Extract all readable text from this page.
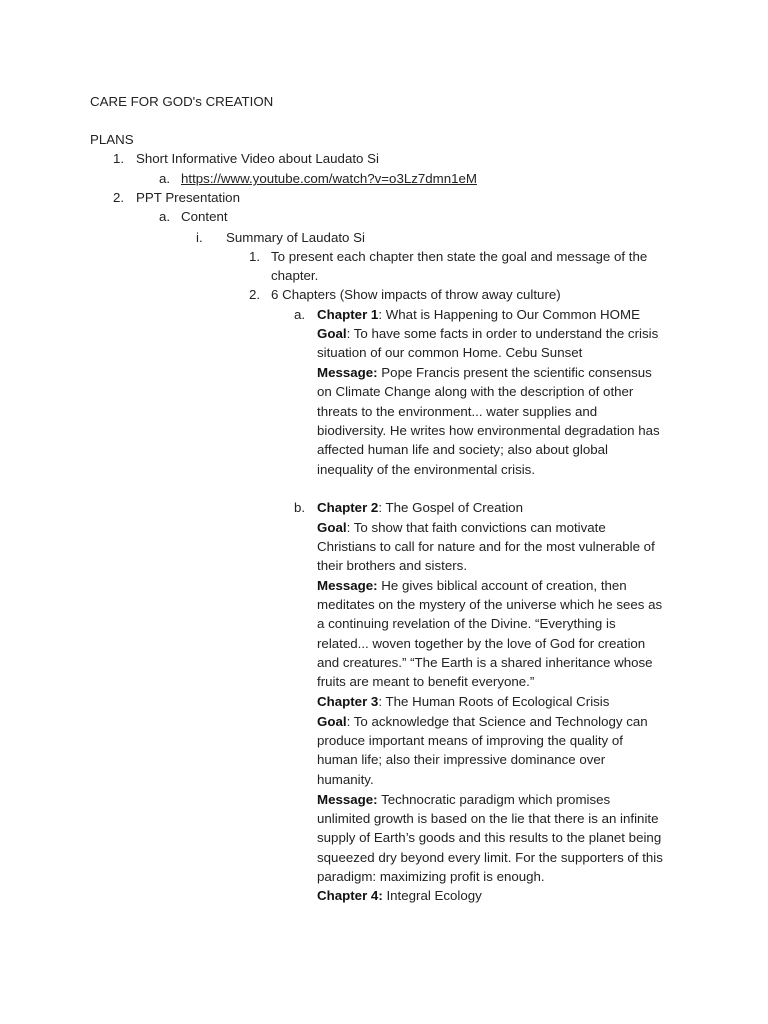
CARE FOR GOD's CREATION
PLANS
1. Short Informative Video about Laudato Si
a. https://www.youtube.com/watch?v=o3Lz7dmn1eM
2. PPT Presentation
a. Content
i. Summary of Laudato Si
1. To present each chapter then state the goal and message of the
chapter.
2. 6 Chapters (Show impacts of throw away culture)
a. Chapter 1: What is Happening to Our Common HOME
Goal: To have some facts in order to understand the crisis
situation of our common Home. Cebu Sunset
Message: Pope Francis present the scientific consensus
on Climate Change along with the description of other
threats to the environment... water supplies and
biodiversity. He writes how environmental degradation has
affected human life and society; also about global
inequality of the environmental crisis.
b. Chapter 2: The Gospel of Creation
Goal: To show that faith convictions can motivate
Christians to call for nature and for the most vulnerable of
their brothers and sisters.
Message: He gives biblical account of creation, then
meditates on the mystery of the universe which he sees as
a continuing revelation of the Divine. “Everything is
related... woven together by the love of God for creation
and creatures.” “The Earth is a shared inheritance whose
fruits are meant to benefit everyone.”
Chapter 3: The Human Roots of Ecological Crisis
Goal: To acknowledge that Science and Technology can
produce important means of improving the quality of
human life; also their impressive dominance over
humanity.
Message: Technocratic paradigm which promises
unlimited growth is based on the lie that there is an infinite
supply of Earth’s goods and this results to the planet being
squeezed dry beyond every limit. For the supporters of this
paradigm: maximizing profit is enough.
Chapter 4: Integral Ecology
